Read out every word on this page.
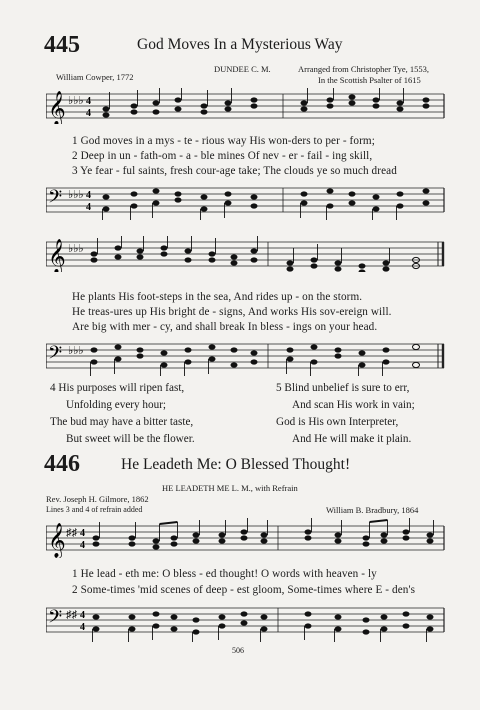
445	God Moves In a Mysterious Way
William Cowper, 1772
DUNDEE C. M.	Arranged from Christopher Tye, 1553,
In the Scottish Psalter of 1615
𝄞 ♭♭♭ 4
4
1 God moves in a mys - te - rious way His won-ders to per - form;
2 Deep in un - fath-om - a - ble mines Of nev - er - fail - ing skill,
3 Ye fear - ful saints, fresh cour-age take; The clouds ye so much dread
𝄢 ♭♭♭ 4
4
𝄞 ♭♭♭
He plants His foot-steps in the sea, And rides up - on the storm.
He treas-ures up His bright de - signs, And works His sov-ereign will.
Are big with mer - cy, and shall break In bless - ings on your head.
𝄢 ♭♭♭
4 His purposes will ripen fast,
Unfolding every hour;
The bud may have a bitter taste,
But sweet will be the flower.
5 Blind unbelief is sure to err,
And scan His work in vain;
God is His own Interpreter,
And He will make it plain.
446	He Leadeth Me: O Blessed Thought!
HE LEADETH ME L. M., with Refrain
Rev. Joseph H. Gilmore, 1862
Lines 3 and 4 of refrain added	William B. Bradbury, 1864
𝄞 ♯♯ 4
4
1 He lead - eth me: O bless - ed thought! O words with heaven - ly
2 Some-times 'mid scenes of deep - est gloom, Some-times where E - den's
𝄢 ♯♯ 4
4
506
